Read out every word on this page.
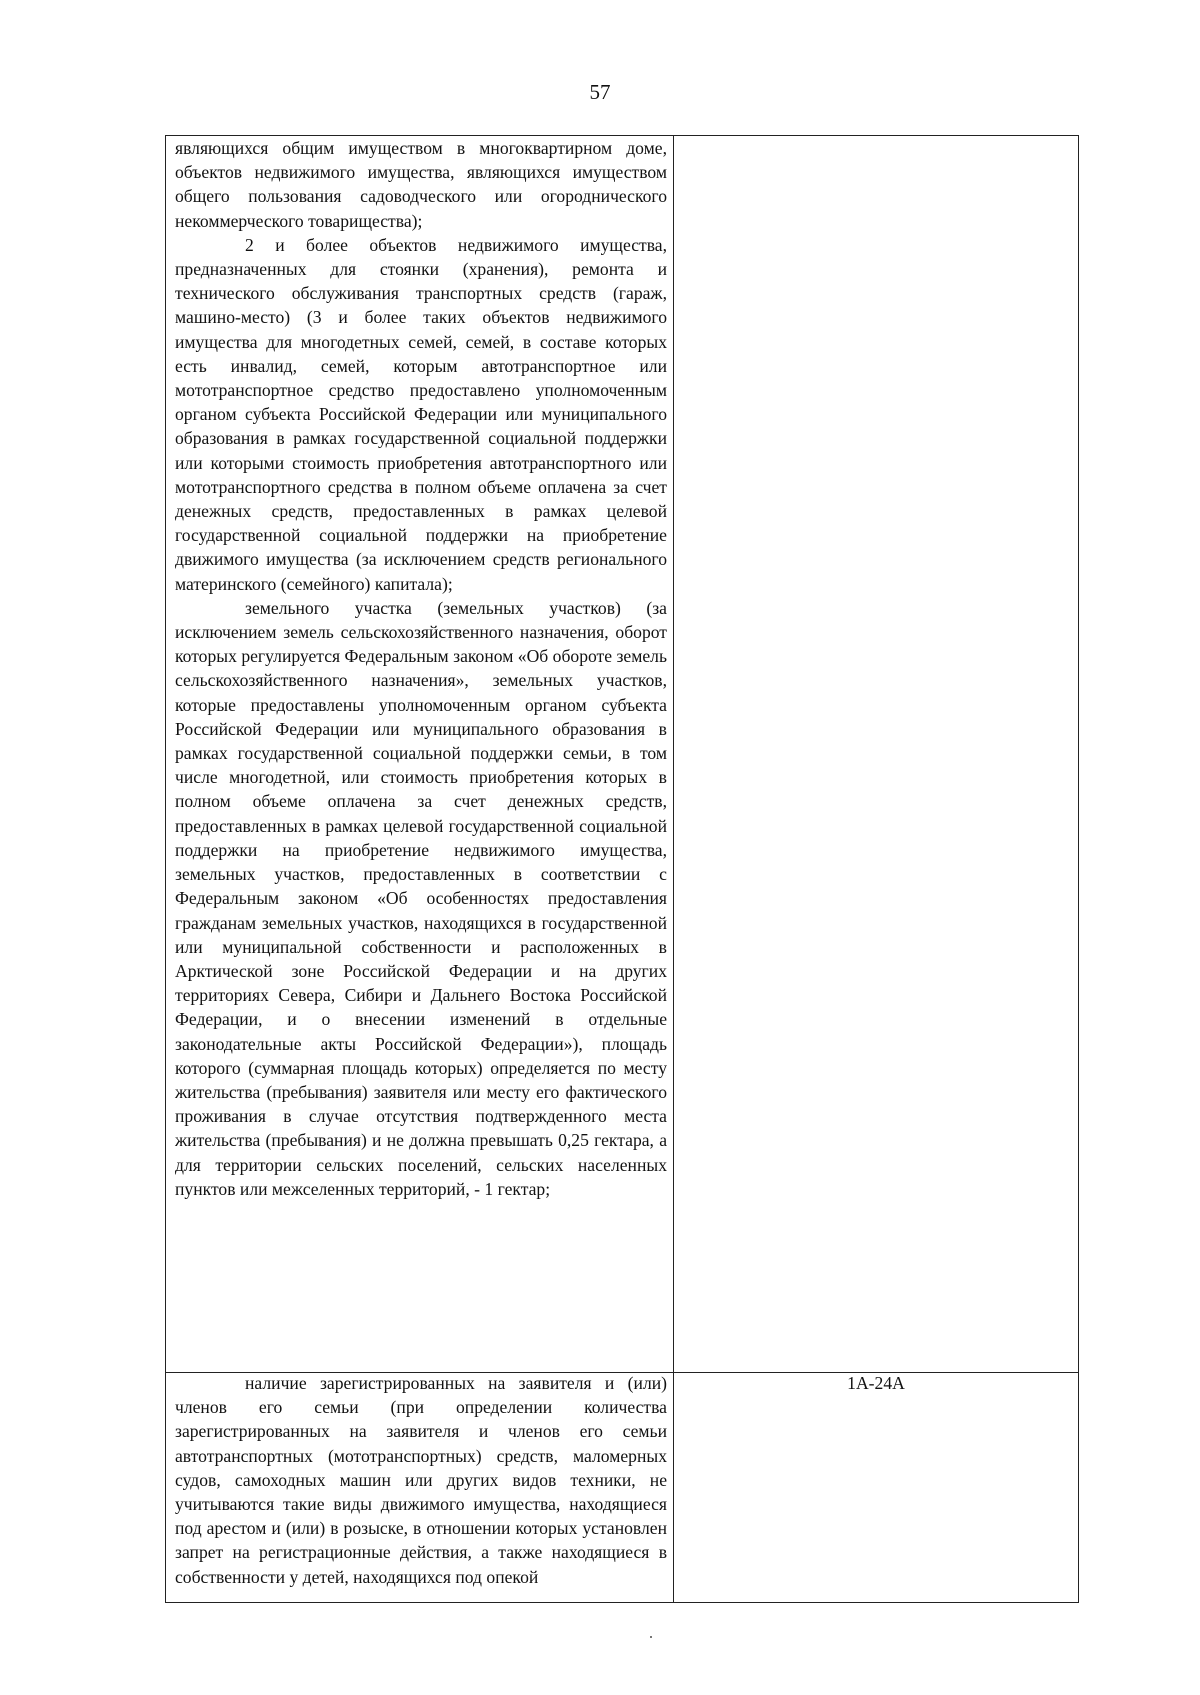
57

являющихся общим имуществом в многоквартирном доме, объектов недвижимого имущества, являющихся имуществом общего пользования садоводческого или огороднического некоммерческого товарищества);

2 и более объектов недвижимого имущества, предназначенных для стоянки (хранения), ремонта и технического обслуживания транспортных средств (гараж, машино-место) (3 и более таких объектов недвижимого имущества для многодетных семей, семей, в составе которых есть инвалид, семей, которым автотранспортное или мототранспортное средство предоставлено уполномоченным органом субъекта Российской Федерации или муниципального образования в рамках государственной социальной поддержки или которыми стоимость приобретения автотранспортного или мототранспортного средства в полном объеме оплачена за счет денежных средств, предоставленных в рамках целевой государственной социальной поддержки на приобретение движимого имущества (за исключением средств регионального материнского (семейного) капитала);

земельного участка (земельных участков) (за исключением земель сельскохозяйственного назначения, оборот которых регулируется Федеральным законом «Об обороте земель сельскохозяйственного назначения», земельных участков, которые предоставлены уполномоченным органом субъекта Российской Федерации или муниципального образования в рамках государственной социальной поддержки семьи, в том числе многодетной, или стоимость приобретения которых в полном объеме оплачена за счет денежных средств, предоставленных в рамках целевой государственной социальной поддержки на приобретение недвижимого имущества, земельных участков, предоставленных в соответствии с Федеральным законом «Об особенностях предоставления гражданам земельных участков, находящихся в государственной или муниципальной собственности и расположенных в Арктической зоне Российской Федерации и на других территориях Севера, Сибири и Дальнего Востока Российской Федерации, и о внесении изменений в отдельные законодательные акты Российской Федерации»), площадь которого (суммарная площадь которых) определяется по месту жительства (пребывания) заявителя или месту его фактического проживания в случае отсутствия подтвержденного места жительства (пребывания) и не должна превышать 0,25 гектара, а для территории сельских поселений, сельских населенных пунктов или межселенных территорий, - 1 гектар;

наличие зарегистрированных на заявителя и (или) членов его семьи (при определении количества зарегистрированных на заявителя и членов его семьи автотранспортных (мототранспортных) средств, маломерных судов, самоходных машин или других видов техники, не учитываются такие виды движимого имущества, находящиеся под арестом и (или) в розыске, в отношении которых установлен запрет на регистрационные действия, а также находящиеся в собственности у детей, находящихся под опекой

1А-24А
